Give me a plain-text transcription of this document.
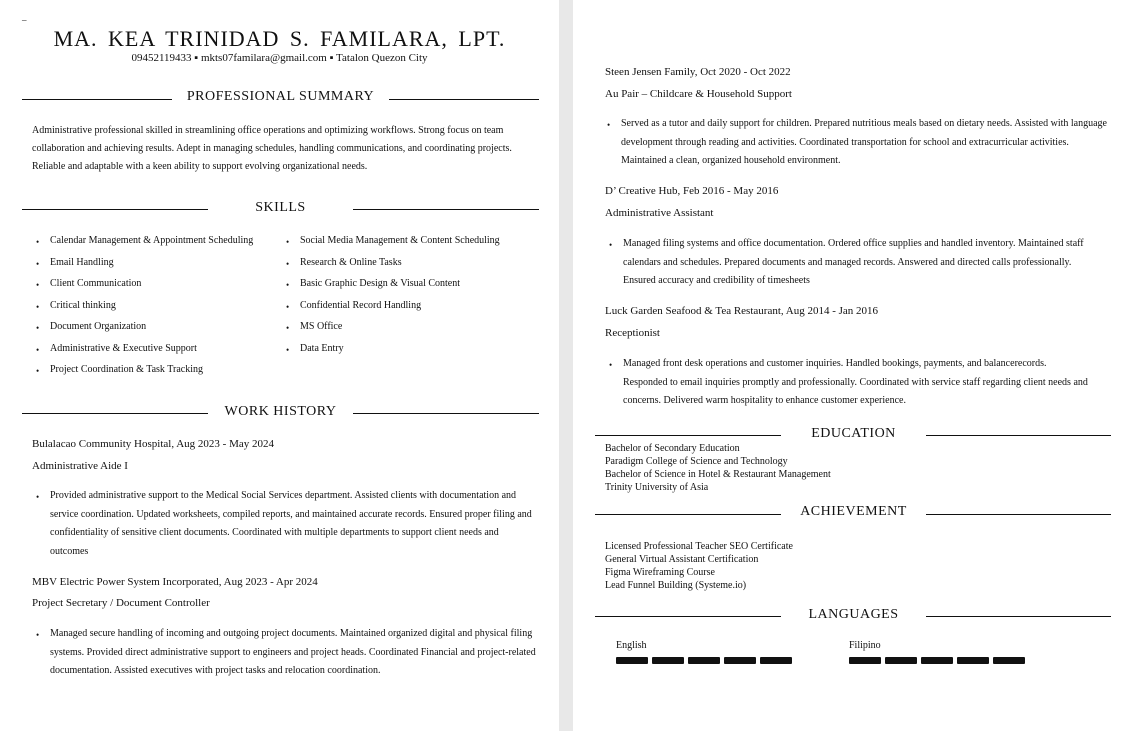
_
MA. KEA TRINIDAD S. FAMILARA, LPT.
09452119433 ▪ mkts07familara@gmail.com ▪ Tatalon Quezon City
PROFESSIONAL SUMMARY
Administrative professional skilled in streamlining office operations and optimizing workflows. Strong focus on team collaboration and achieving results. Adept in managing schedules, handling communications, and coordinating projects. Reliable and adaptable with a keen ability to support evolving organizational needs.
SKILLS
• Calendar Management & Appointment Scheduling
• Email Handling
• Client Communication
• Critical thinking
• Document Organization
• Administrative & Executive Support
• Project Coordination & Task Tracking
• Social Media Management & Content Scheduling
• Research & Online Tasks
• Basic Graphic Design & Visual Content
• Confidential Record Handling
• MS Office
• Data Entry
WORK HISTORY
Bulalacao Community Hospital, Aug 2023 - May 2024
Administrative Aide I
• Provided administrative support to the Medical Social Services department. Assisted clients with documentation and service coordination. Updated worksheets, compiled reports, and maintained accurate records. Ensured proper filing and confidentiality of sensitive client documents. Coordinated with multiple departments to support client needs and outcomes
MBV Electric Power System Incorporated, Aug 2023 - Apr 2024
Project Secretary / Document Controller
• Managed secure handling of incoming and outgoing project documents. Maintained organized digital and physical filing systems. Provided direct administrative support to engineers and project heads. Coordinated Financial and project-related documentation. Assisted executives with project tasks and relocation coordination.
Steen Jensen Family, Oct 2020 - Oct 2022
Au Pair – Childcare & Household Support
• Served as a tutor and daily support for children. Prepared nutritious meals based on dietary needs. Assisted with language development through reading and activities. Coordinated transportation for school and extracurricular activities. Maintained a clean, organized household environment.
D’ Creative Hub, Feb 2016 - May 2016
Administrative Assistant
• Managed filing systems and office documentation. Ordered office supplies and handled inventory. Maintained staff calendars and schedules. Prepared documents and managed records. Answered and directed calls professionally. Ensured accuracy and credibility of timesheets
Luck Garden Seafood & Tea Restaurant, Aug 2014 - Jan 2016
Receptionist
• Managed front desk operations and customer inquiries. Handled bookings, payments, and balancerecords. Responded to email inquiries promptly and professionally. Coordinated with service staff regarding client needs and concerns. Delivered warm hospitality to enhance customer experience.
EDUCATION
Bachelor of Secondary Education
Paradigm College of Science and Technology
Bachelor of Science in Hotel & Restaurant Management
Trinity University of Asia
ACHIEVEMENT
Licensed Professional Teacher SEO Certificate
General Virtual Assistant Certification
Figma Wireframing Course
Lead Funnel Building (Systeme.io)
LANGUAGES
English	Filipino
